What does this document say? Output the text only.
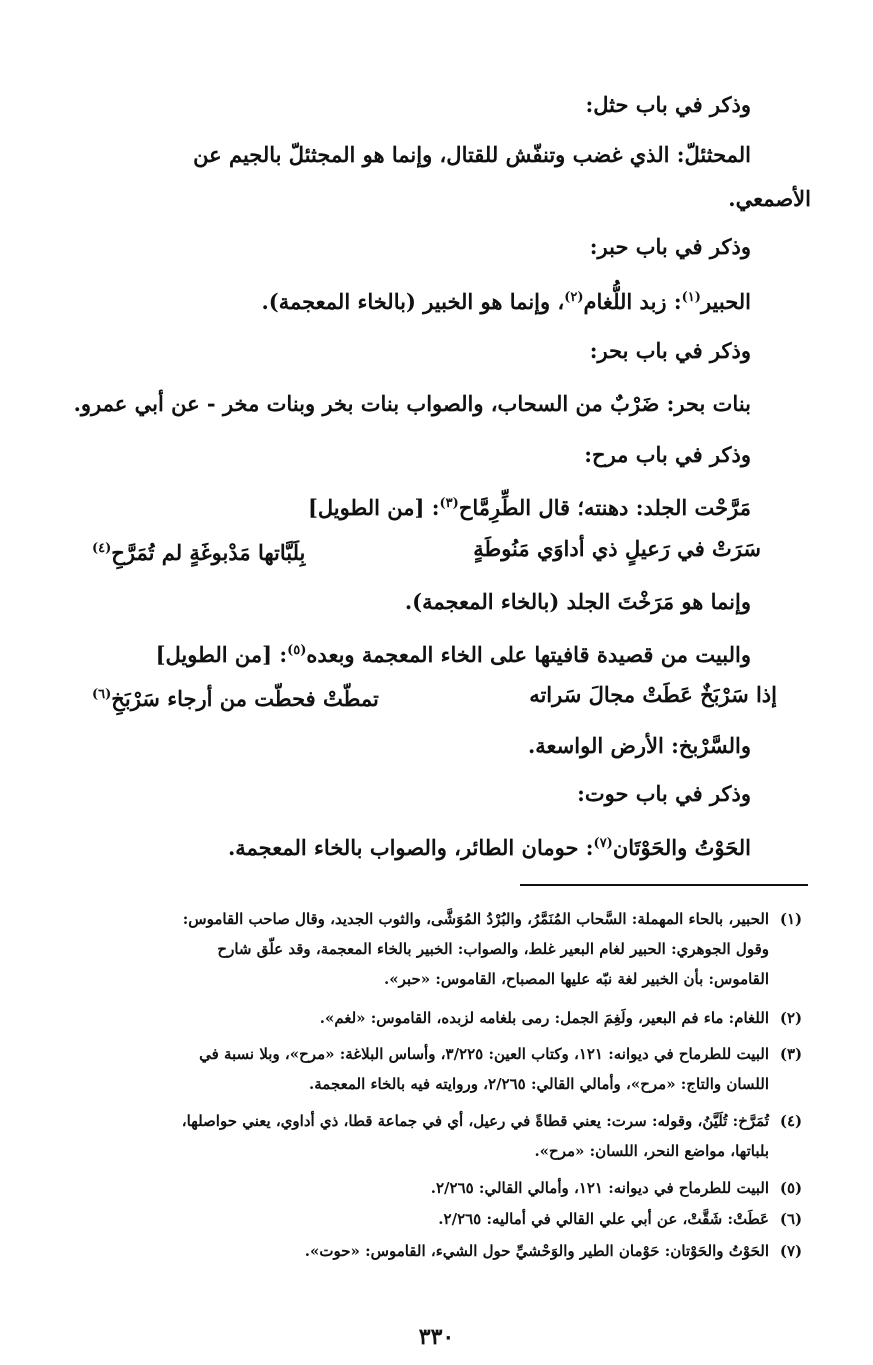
وذكر في باب حثل:
المحثئلّ: الذي غضب وتنفّش للقتال، وإنما هو المجثئلّ بالجيم عن
الأصمعي.
وذكر في باب حبر:
الحبير$^{(١)}$: زبد اللُّغام$^{(٢)}$، وإنما هو الخبير (بالخاء المعجمة).
وذكر في باب بحر:
بنات بحر: ضَرْبٌ من السحاب، والصواب بنات بخر وبنات مخر - عن أبي عمرو.
وذكر في باب مرح:
مَرَّحْت الجلد: دهنته؛ قال الطِّرِمَّاح$^{(٣)}$: [من الطويل]
سَرَتْ في رَعيلٍ ذي أداوَي مَنُوطَةٍ
بِلَبَّاتها مَدْبوغَةٍ لم تُمَرَّحِ$^{(٤)}$
وإنما هو مَرَخْتَ الجلد (بالخاء المعجمة).
والبيت من قصيدة قافيتها على الخاء المعجمة وبعده$^{(٥)}$: [من الطويل]
إذا سَرْبَخٌ عَطَتْ مجالَ سَراته
تمطّتْ فحطّت من أرجاء سَرْبَخِ$^{(٦)}$
والسَّرْبخ: الأرض الواسعة.
وذكر في باب حوت:
الحَوْتُ والحَوْتَان$^{(٧)}$: حومان الطائر، والصواب بالخاء المعجمة.
(١)الحبير، بالحاء المهملة: السَّحاب المُنَمَّرُ، والبُرْدُ المُوَشَّى، والثوب الجديد، وقال صاحب القاموس:
وقول الجوهري: الحبير لغام البعير غلط، والصواب: الخبير بالخاء المعجمة، وقد علّق شارح
القاموس: بأن الخبير لغة نبّه عليها المصباح، القاموس: «حبر».
(٢)اللغام: ماء فم البعير، ولَغِمَ الجمل: رمى بلغامه لزبده، القاموس: «لغم».
(٣)البيت للطرماح في ديوانه: ١٢١، وكتاب العين: ٣/٢٢٥، وأساس البلاغة: «مرح»، وبلا نسبة في
اللسان والتاج: «مرح»، وأمالي القالي: ٢/٢٦٥، وروايته فيه بالخاء المعجمة.
(٤)تُمَرَّخ: تُلَيَّنُ، وقوله: سرت: يعني قطاةً في رعيل، أي في جماعة قطا، ذي أداوي، يعني حواصلها،
بلباتها، مواضع النحر، اللسان: «مرح».
(٥)البيت للطرماح في ديوانه: ١٢١، وأمالي القالي: ٢/٢٦٥.
(٦)عَطَتْ: شَقَّتْ، عن أبي علي القالي في أماليه: ٢/٢٦٥.
(٧)الحَوْتُ والحَوْتان: حَوْمان الطير والوَحْشيِّ حول الشيء، القاموس: «حوت».
٣٣٠
